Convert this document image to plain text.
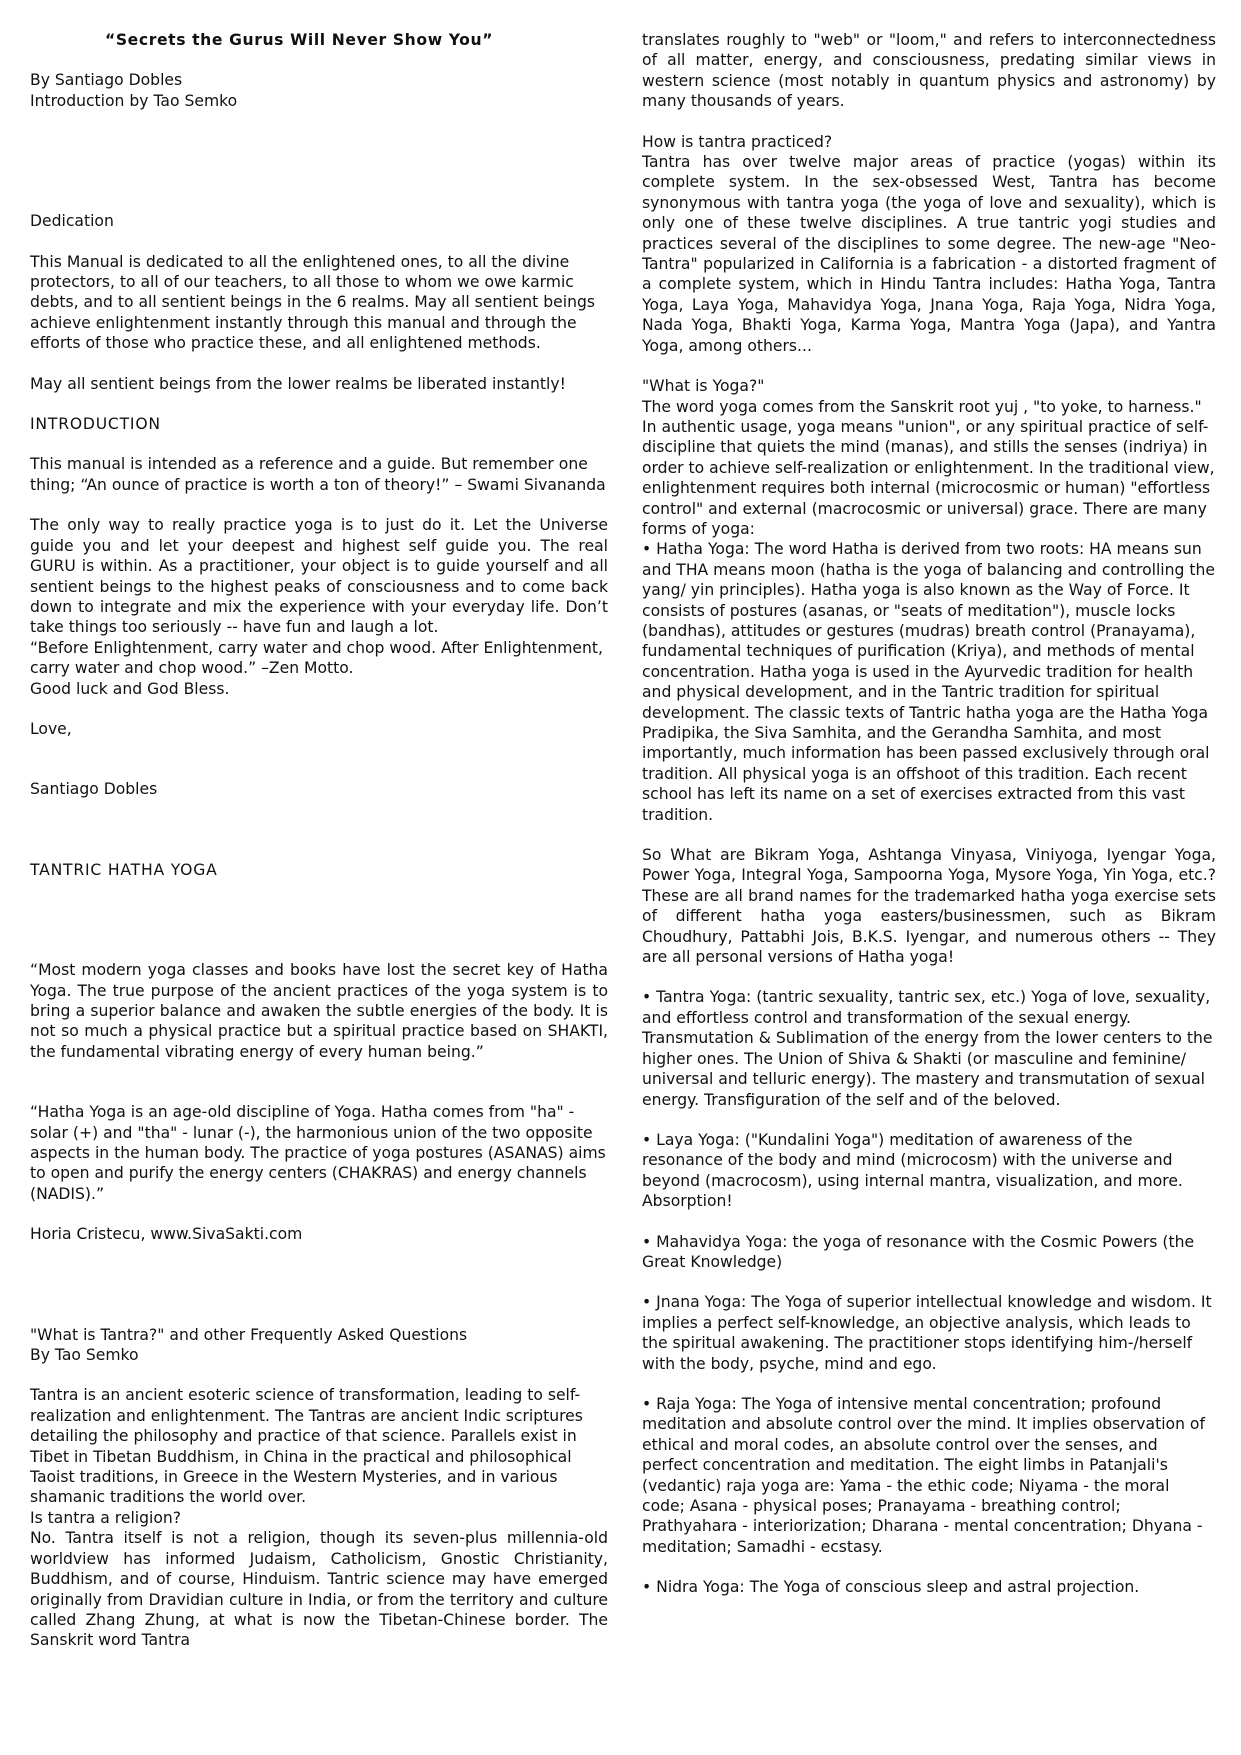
“Secrets the Gurus Will Never Show You”

By Santiago Dobles

Introduction by Tao Semko

Dedication

This Manual is dedicated to all the enlightened ones, to all the divine protectors, to all of our teachers, to all those to whom we owe karmic debts, and to all sentient beings in the 6 realms. May all sentient beings achieve enlightenment instantly through this manual and through the efforts of those who practice these, and all enlightened methods.

May all sentient beings from the lower realms be liberated instantly!

INTRODUCTION

This manual is intended as a reference and a guide. But remember one thing; “An ounce of practice is worth a ton of theory!” – Swami Sivananda

The only way to really practice yoga is to just do it. Let the Universe guide you and let your deepest and highest self guide you. The real GURU is within. As a practitioner, your object is to guide yourself and all sentient beings to the highest peaks of consciousness and to come back down to integrate and mix the experience with your everyday life. Don’t take things too seriously -- have fun and laugh a lot.

“Before Enlightenment, carry water and chop wood. After Enlightenment, carry water and chop wood.” –Zen Motto.

Good luck and God Bless.

Love,

Santiago Dobles

TANTRIC HATHA YOGA

“Most modern yoga classes and books have lost the secret key of Hatha Yoga. The true purpose of the ancient practices of the yoga system is to bring a superior balance and awaken the subtle energies of the body. It is not so much a physical practice but a spiritual practice based on SHAKTI, the fundamental vibrating energy of every human being.”

“Hatha Yoga is an age-old discipline of Yoga. Hatha comes from "ha" - solar (+) and "tha" - lunar (-), the harmonious union of the two opposite aspects in the human body. The practice of yoga postures (ASANAS) aims to open and purify the energy centers (CHAKRAS) and energy channels (NADIS).”

Horia Cristecu, www.SivaSakti.com

"What is Tantra?" and other Frequently Asked Questions

By Tao Semko

Tantra is an ancient esoteric science of transformation, leading to self-realization and enlightenment. The Tantras are ancient Indic scriptures detailing the philosophy and practice of that science. Parallels exist in Tibet in Tibetan Buddhism, in China in the practical and philosophical Taoist traditions, in Greece in the Western Mysteries, and in various shamanic traditions the world over.

Is tantra a religion?

No. Tantra itself is not a religion, though its seven-plus millennia-old worldview has informed Judaism, Catholicism, Gnostic Christianity, Buddhism, and of course, Hinduism. Tantric science may have emerged originally from Dravidian culture in India, or from the territory and culture called Zhang Zhung, at what is now the Tibetan-Chinese border. The Sanskrit word Tantra

translates roughly to "web" or "loom," and refers to interconnectedness of all matter, energy, and consciousness, predating similar views in western science (most notably in quantum physics and astronomy) by many thousands of years.

How is tantra practiced?

Tantra has over twelve major areas of practice (yogas) within its complete system. In the sex-obsessed West, Tantra has become synonymous with tantra yoga (the yoga of love and sexuality), which is only one of these twelve disciplines. A true tantric yogi studies and practices several of the disciplines to some degree. The new-age "Neo- Tantra" popularized in California is a fabrication - a distorted fragment of a complete system, which in Hindu Tantra includes: Hatha Yoga, Tantra Yoga, Laya Yoga, Mahavidya Yoga, Jnana Yoga, Raja Yoga, Nidra Yoga, Nada Yoga, Bhakti Yoga, Karma Yoga, Mantra Yoga (Japa), and Yantra Yoga, among others...

"What is Yoga?"

The word yoga comes from the Sanskrit root yuj , "to yoke, to harness." In authentic usage, yoga means "union", or any spiritual practice of self-discipline that quiets the mind (manas), and stills the senses (indriya) in order to achieve self-realization or enlightenment. In the traditional view, enlightenment requires both internal (microcosmic or human) "effortless control" and external (macrocosmic or universal) grace. There are many forms of yoga:

• Hatha Yoga: The word Hatha is derived from two roots: HA means sun and THA means moon (hatha is the yoga of balancing and controlling the yang/ yin principles). Hatha yoga is also known as the Way of Force. It consists of postures (asanas, or "seats of meditation"), muscle locks (bandhas), attitudes or gestures (mudras) breath control (Pranayama), fundamental techniques of purification (Kriya), and methods of mental concentration. Hatha yoga is used in the Ayurvedic tradition for health and physical development, and in the Tantric tradition for spiritual development. The classic texts of Tantric hatha yoga are the Hatha Yoga Pradipika, the Siva Samhita, and the Gerandha Samhita, and most importantly, much information has been passed exclusively through oral tradition. All physical yoga is an offshoot of this tradition. Each recent school has left its name on a set of exercises extracted from this vast tradition.

So What are Bikram Yoga, Ashtanga Vinyasa, Viniyoga, Iyengar Yoga, Power Yoga, Integral Yoga, Sampoorna Yoga, Mysore Yoga, Yin Yoga, etc.? These are all brand names for the trademarked hatha yoga exercise sets of different hatha yoga easters/businessmen, such as Bikram Choudhury, Pattabhi Jois, B.K.S. Iyengar, and numerous others -- They are all personal versions of Hatha yoga!

• Tantra Yoga: (tantric sexuality, tantric sex, etc.) Yoga of love, sexuality, and effortless control and transformation of the sexual energy. Transmutation & Sublimation of the energy from the lower centers to the higher ones. The Union of Shiva & Shakti (or masculine and feminine/ universal and telluric energy). The mastery and transmutation of sexual energy. Transfiguration of the self and of the beloved.

• Laya Yoga: ("Kundalini Yoga") meditation of awareness of the resonance of the body and mind (microcosm) with the universe and beyond (macrocosm), using internal mantra, visualization, and more. Absorption!

• Mahavidya Yoga: the yoga of resonance with the Cosmic Powers (the Great Knowledge)

• Jnana Yoga: The Yoga of superior intellectual knowledge and wisdom. It implies a perfect self-knowledge, an objective analysis, which leads to the spiritual awakening. The practitioner stops identifying him-/herself with the body, psyche, mind and ego.

• Raja Yoga: The Yoga of intensive mental concentration; profound meditation and absolute control over the mind. It implies observation of ethical and moral codes, an absolute control over the senses, and perfect concentration and meditation. The eight limbs in Patanjali's (vedantic) raja yoga are: Yama - the ethic code; Niyama - the moral code; Asana - physical poses; Pranayama - breathing control; Prathyahara - interiorization; Dharana - mental concentration; Dhyana - meditation; Samadhi - ecstasy.

• Nidra Yoga: The Yoga of conscious sleep and astral projection.
